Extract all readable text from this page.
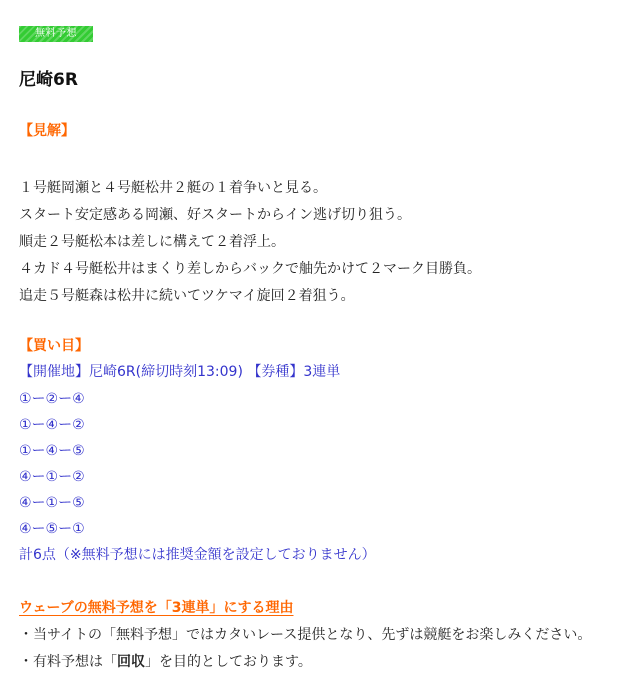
無料予想
尼崎6R
【見解】
１号艇岡瀬と４号艇松井２艇の１着争いと見る。
スタート安定感ある岡瀬、好スタートからイン逃げ切り狙う。
順走２号艇松本は差しに構えて２着浮上。
４カド４号艇松井はまくり差しからバックで舳先かけて２マーク目勝負。
追走５号艇森は松井に続いてツケマイ旋回２着狙う。
【買い目】
【開催地】尼崎6R(締切時刻13:09) 【券種】3連単
①ー②ー④
①ー④ー②
①ー④ー⑤
④ー①ー②
④ー①ー⑤
④ー⑤ー①
計6点（※無料予想には推奨金額を設定しておりません）
ウェーブの無料予想を「3連単」にする理由
・当サイトの「無料予想」ではカタいレース提供となり、先ずは競艇をお楽しみください。
・有料予想は「回収」を目的としております。
